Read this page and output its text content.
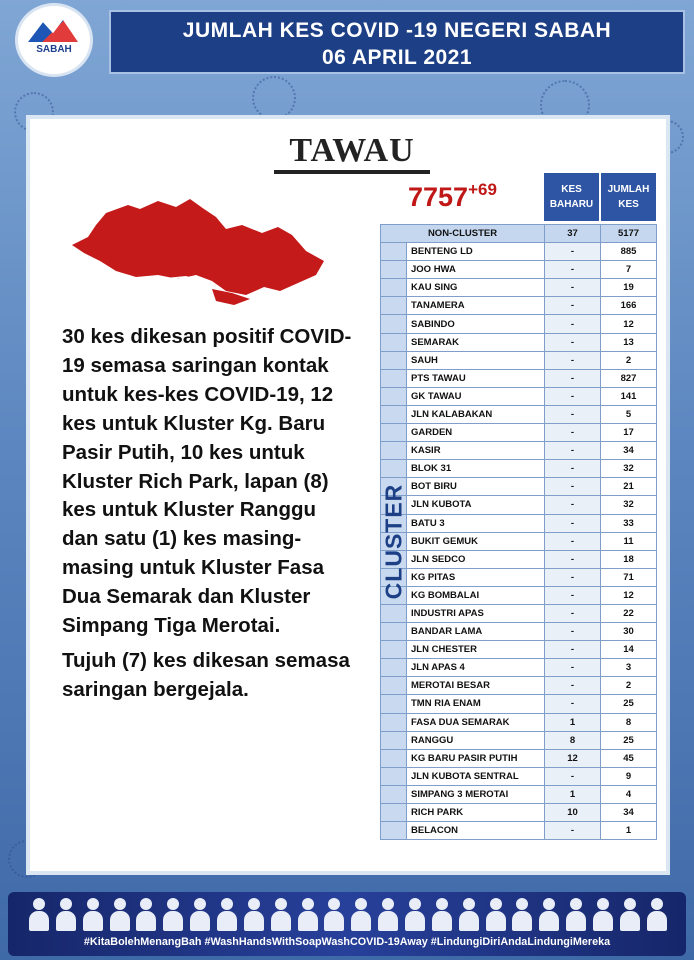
SABAH
JUMLAH KES COVID -19 NEGERI SABAH
06 APRIL 2021
TAWAU
$7757^{+69}$

30 kes dikesan positif COVID-19 semasa saringan kontak untuk kes-kes COVID-19, 12 kes untuk Kluster Kg. Baru Pasir Putih, 10 kes untuk Kluster Rich Park, lapan (8) kes untuk Kluster Ranggu dan satu (1) kes masing-masing untuk Kluster Fasa Dua Semarak dan Kluster Simpang Tiga Merotai.

Tujuh (7) kes dikesan semasa saringan bergejala.

KES
BAHARU
JUMLAH
KES
NON-CLUSTER		37	5177
	BENTENG LD	-	885
	JOO HWA	-	7
	KAU SING	-	19
	TANAMERA	-	166
	SABINDO	-	12
	SEMARAK	-	13
	SAUH	-	2
	PTS TAWAU	-	827
	GK TAWAU	-	141
	JLN KALABAKAN	-	5
	GARDEN	-	17
	KASIR	-	34
	BLOK 31	-	32
	BOT BIRU	-	21
	JLN KUBOTA	-	32
	BATU 3	-	33
	BUKIT GEMUK	-	11
	JLN SEDCO	-	18
	KG PITAS	-	71
	KG BOMBALAI	-	12
	INDUSTRI APAS	-	22
	BANDAR LAMA	-	30
	JLN CHESTER	-	14
	JLN APAS 4	-	3
	MEROTAI BESAR	-	2
	TMN RIA ENAM	-	25
	FASA DUA SEMARAK	1	8
	RANGGU	8	25
	KG BARU PASIR PUTIH	12	45
	JLN KUBOTA SENTRAL	-	9
	SIMPANG 3 MEROTAI	1	4
	RICH PARK	10	34
	BELACON	-	1
CLUSTER
#KitaBolehMenangBah #WashHandsWithSoapWashCOVID-19Away #LindungiDiriAndaLindungiMereka
